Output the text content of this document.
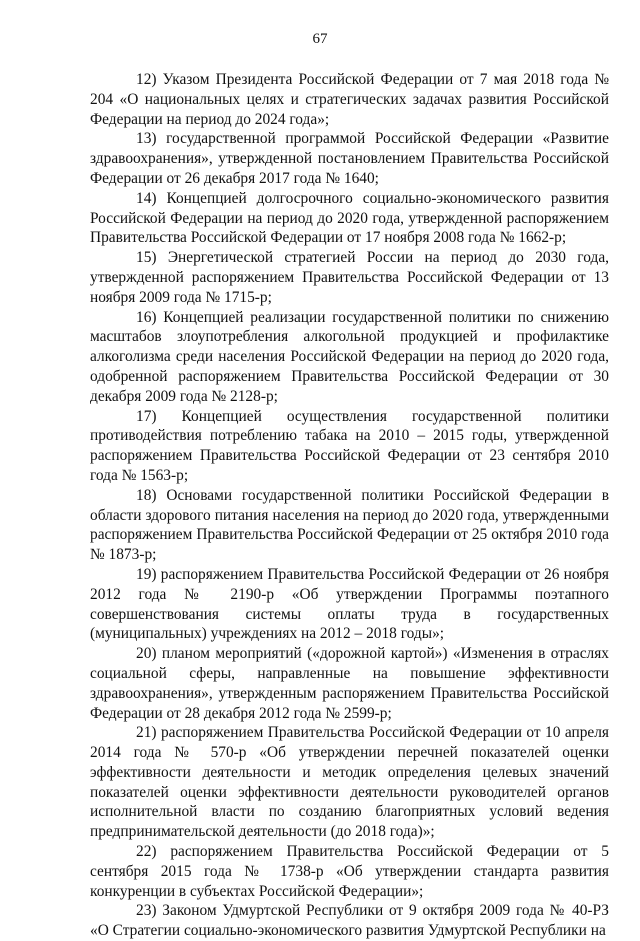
67

12) Указом Президента Российской Федерации от 7 мая 2018 года № 204 «О национальных целях и стратегических задачах развития Российской Федерации на период до 2024 года»;

13) государственной программой Российской Федерации «Развитие здравоохранения», утвержденной постановлением Правительства Российской Федерации от 26 декабря 2017 года № 1640;

14) Концепцией долгосрочного социально-экономического развития Российской Федерации на период до 2020 года, утвержденной распоряжением Правительства Российской Федерации от 17 ноября 2008 года № 1662-р;

15) Энергетической стратегией России на период до 2030 года, утвержденной распоряжением Правительства Российской Федерации от 13 ноября 2009 года № 1715-р;

16) Концепцией реализации государственной политики по снижению масштабов злоупотребления алкогольной продукцией и профилактике алкоголизма среди населения Российской Федерации на период до 2020 года, одобренной распоряжением Правительства Российской Федерации от 30 декабря 2009 года № 2128-р;

17) Концепцией осуществления государственной политики противодействия потреблению табака на 2010 – 2015 годы, утвержденной распоряжением Правительства Российской Федерации от 23 сентября 2010 года № 1563-р;

18) Основами государственной политики Российской Федерации в области здорового питания населения на период до 2020 года, утвержденными распоряжением Правительства Российской Федерации от 25 октября 2010 года № 1873-р;

19) распоряжением Правительства Российской Федерации от 26 ноября 2012 года № 2190-р «Об утверждении Программы поэтапного совершенствования системы оплаты труда в государственных (муниципальных) учреждениях на 2012 – 2018 годы»;

20) планом мероприятий («дорожной картой») «Изменения в отраслях социальной сферы, направленные на повышение эффективности здравоохранения», утвержденным распоряжением Правительства Российской Федерации от 28 декабря 2012 года № 2599-р;

21) распоряжением Правительства Российской Федерации от 10 апреля 2014 года № 570-р «Об утверждении перечней показателей оценки эффективности деятельности и методик определения целевых значений показателей оценки эффективности деятельности руководителей органов исполнительной власти по созданию благоприятных условий ведения предпринимательской деятельности (до 2018 года)»;

22) распоряжением Правительства Российской Федерации от 5 сентября 2015 года № 1738-р «Об утверждении стандарта развития конкуренции в субъектах Российской Федерации»;

23) Законом Удмуртской Республики от 9 октября 2009 года № 40-РЗ «О Стратегии социально-экономического развития Удмуртской Республики на
